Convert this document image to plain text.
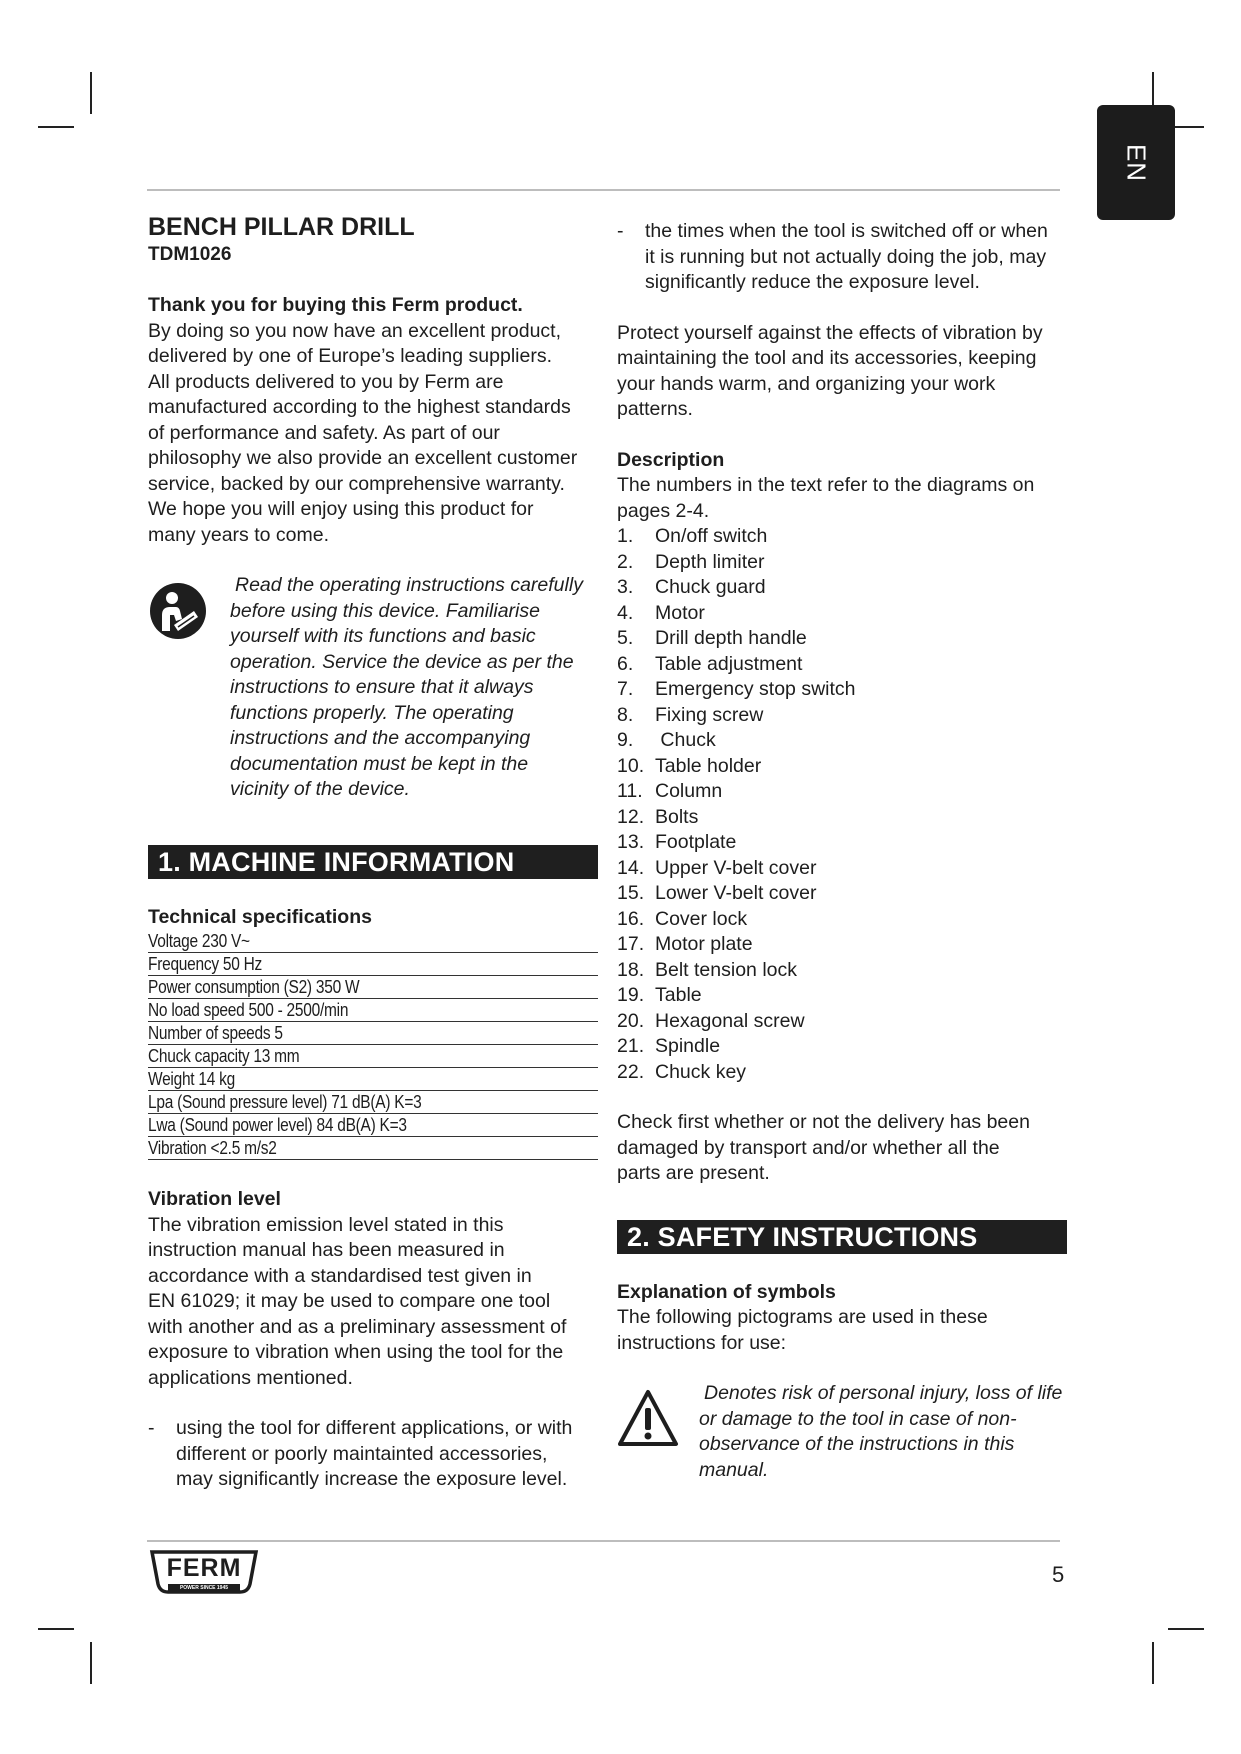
EN

BENCH PILLAR DRILL

TDM1026

Thank you for buying this Ferm product.

By doing so you now have an excellent product,

delivered by one of Europe’s leading suppliers.

All products delivered to you by Ferm are

manufactured according to the highest standards

of performance and safety. As part of our

philosophy we also provide an excellent customer

service, backed by our comprehensive warranty.

We hope you will enjoy using this product for

many years to come.

Read the operating instructions carefully

before using this device. Familiarise

yourself with its functions and basic

operation. Service the device as per the

instructions to ensure that it always

functions properly. The operating

instructions and the accompanying

documentation must be kept in the

vicinity of the device.

1. MACHINE INFORMATION

Technical specifications

Voltage 230 V~
Frequency 50 Hz
Power consumption (S2) 350 W
No load speed 500 - 2500/min
Number of speeds 5
Chuck capacity 13 mm
Weight 14 kg
Lpa (Sound pressure level) 71 dB(A) K=3
Lwa (Sound power level) 84 dB(A) K=3
Vibration <2.5 m/s2

Vibration level

The vibration emission level stated in this

instruction manual has been measured in

accordance with a standardised test given in

EN 61029; it may be used to compare one tool

with another and as a preliminary assessment of

exposure to vibration when using the tool for the

applications mentioned.

-	using the tool for different applications, or with

different or poorly maintainted accessories,

may significantly increase the exposure level.

-	the times when the tool is switched off or when

it is running but not actually doing the job, may

significantly reduce the exposure level.

Protect yourself against the effects of vibration by

maintaining the tool and its accessories, keeping

your hands warm, and organizing your work

patterns.

Description

The numbers in the text refer to the diagrams on

pages 2-4.

1.	On/off switch
2.	Depth limiter
3.	Chuck guard
4.	Motor
5.	Drill depth handle
6.	Table adjustment
7.	Emergency stop switch
8.	Fixing screw
9.	Chuck
10. Table holder
11. Column
12. Bolts
13. Footplate
14. Upper V-belt cover
15. Lower V-belt cover
16. Cover lock
17. Motor plate
18. Belt tension lock
19. Table
20. Hexagonal screw
21. Spindle
22. Chuck key

Check first whether or not the delivery has been

damaged by transport and/or whether all the

parts are present.

2. SAFETY INSTRUCTIONS

Explanation of symbols

The following pictograms are used in these

instructions for use:

Denotes risk of personal injury, loss of life

or damage to the tool in case of non-

observance of the instructions in this

manual.

FERM
POWER SINCE 1945
5
